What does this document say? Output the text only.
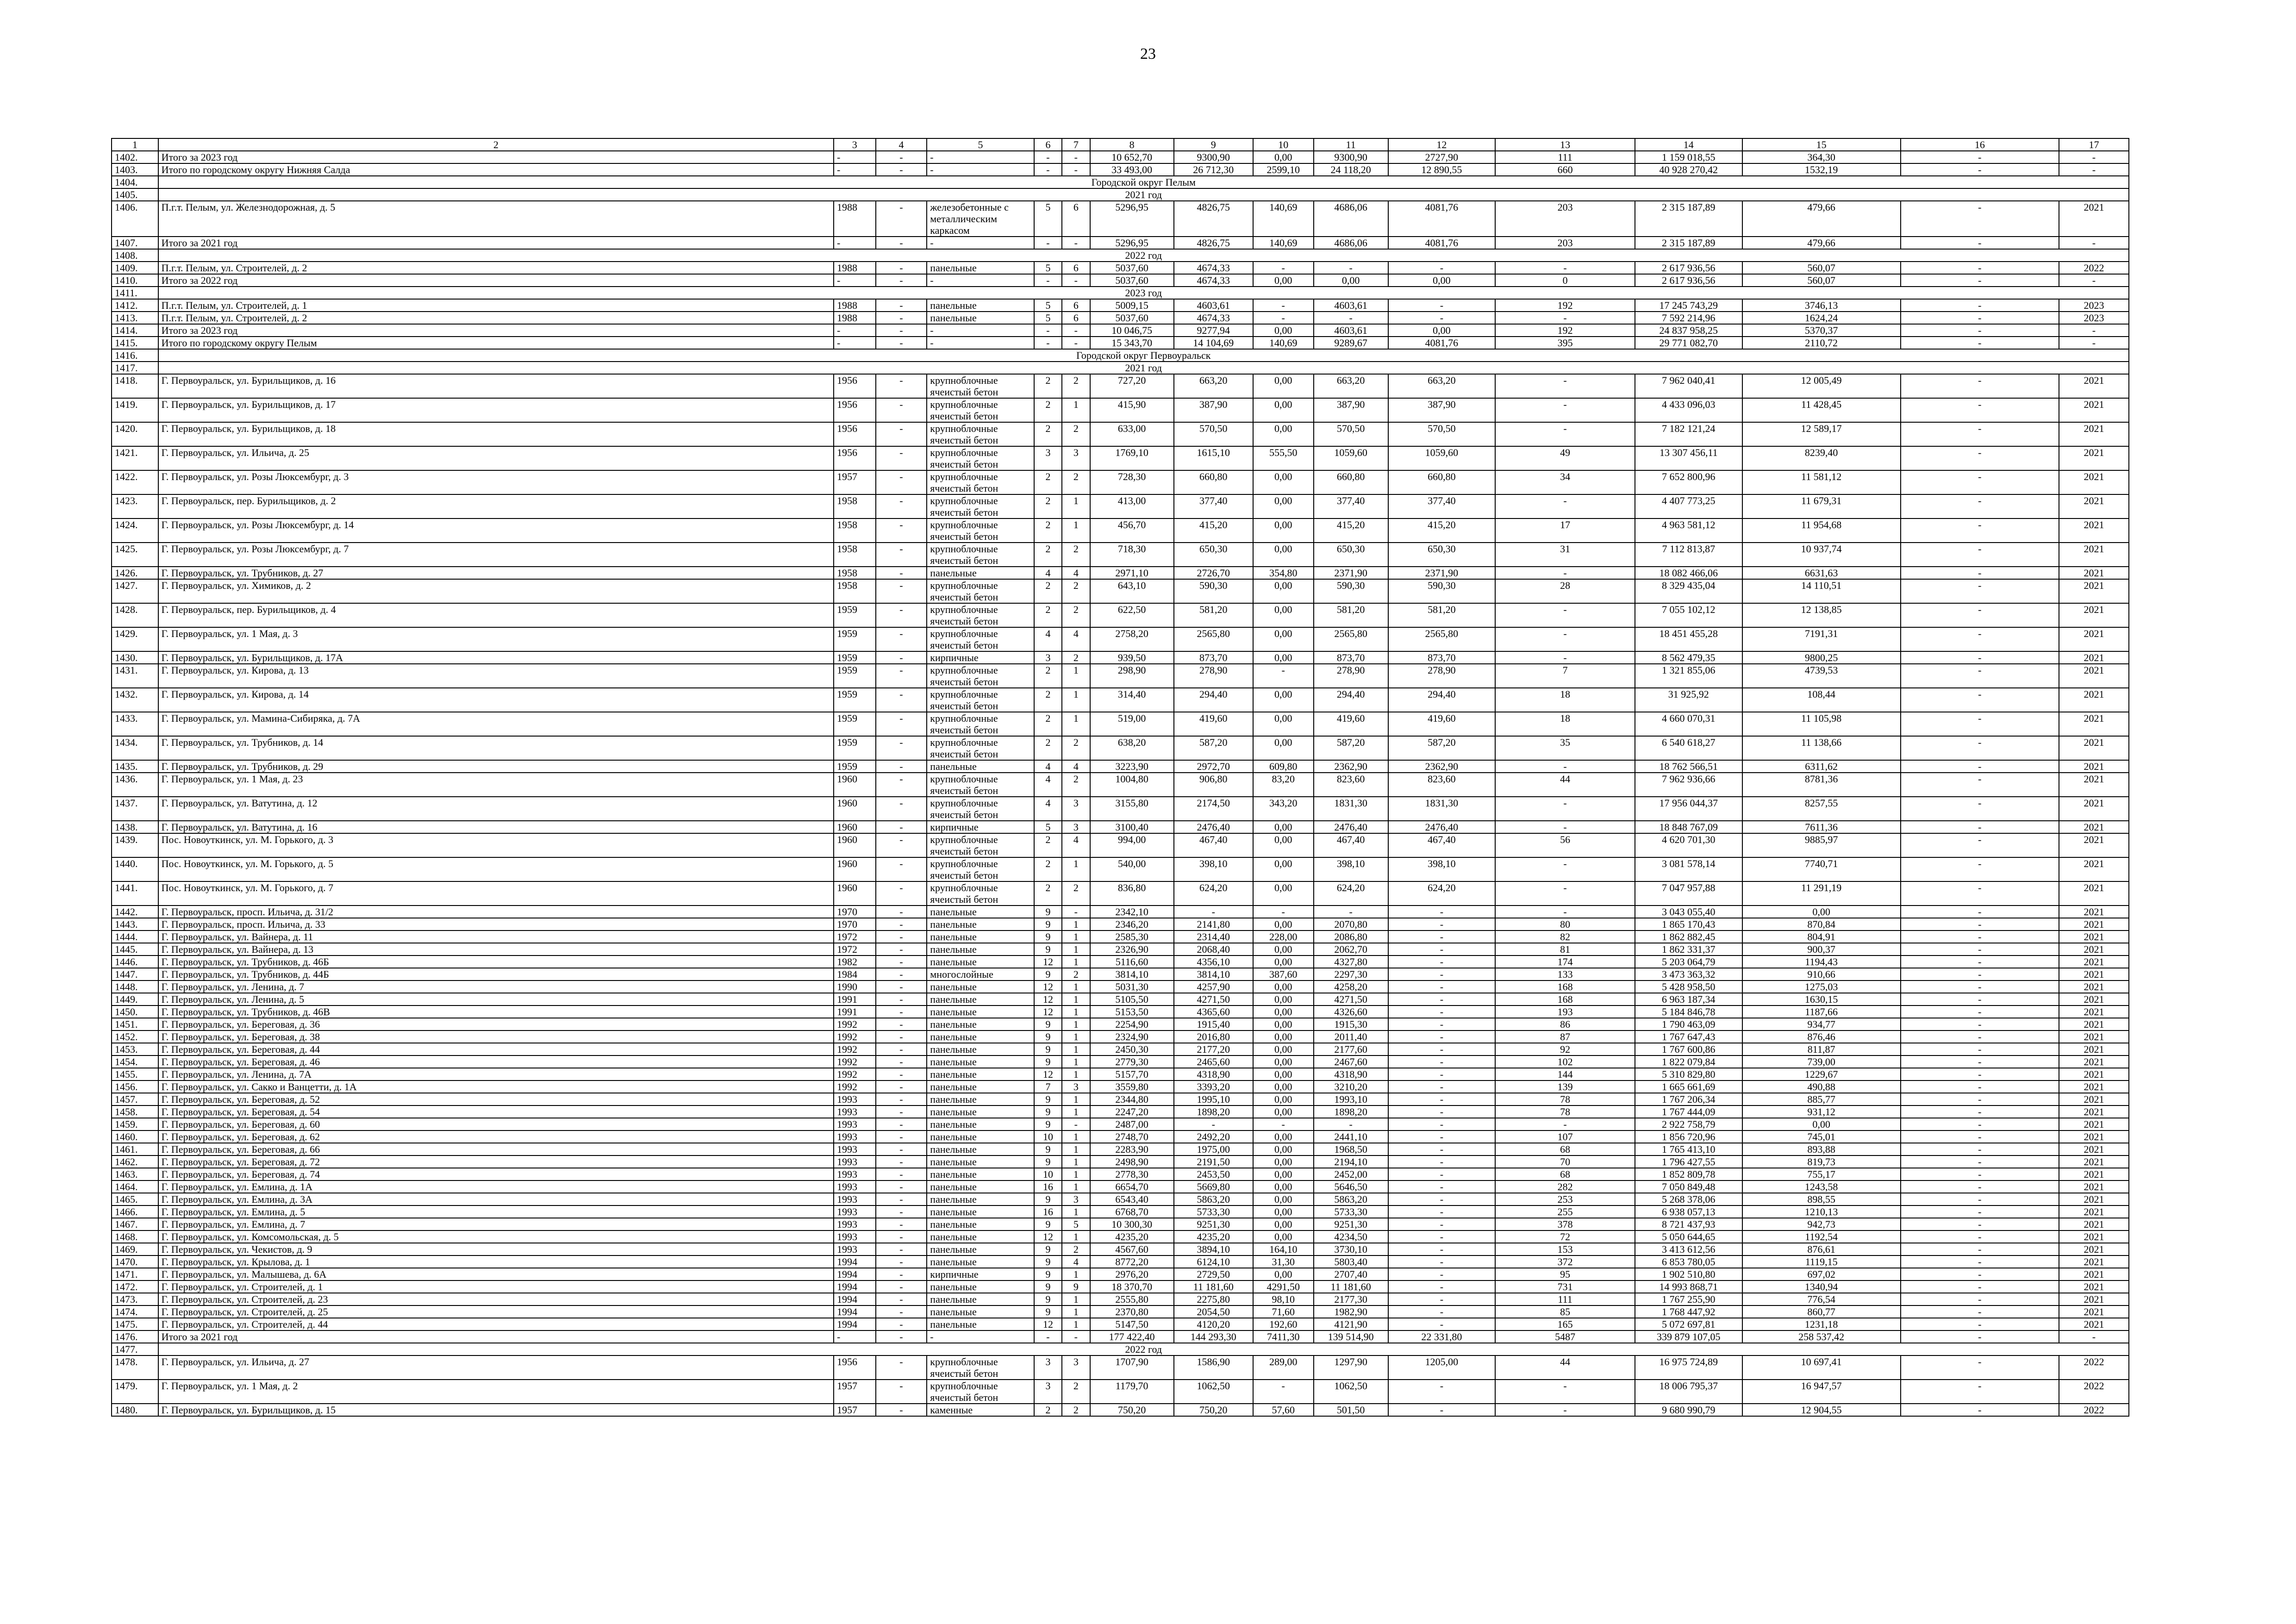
23
1	2	3	4	5	6	7	8	9	10	11	12	13	14	15	16	17
1402.	Итого за 2023 год	-	-	-	-	-	10 652,70	9300,90	0,00	9300,90	2727,90	111	1 159 018,55	364,30	-	-
1403.	Итого по городскому округу Нижняя Салда	-	-	-	-	-	33 493,00	26 712,30	2599,10	24 118,20	12 890,55	660	40 928 270,42	1532,19	-	-
1404.	Городской округ Пелым															
1405.	2021 год															
1406.	П.г.т. Пелым, ул. Железнодорожная, д. 5	1988	-	железобетонные с металлическим каркасом	5	6	5296,95	4826,75	140,69	4686,06	4081,76	203	2 315 187,89	479,66	-	2021
1407.	Итого за 2021 год	-	-	-	-	-	5296,95	4826,75	140,69	4686,06	4081,76	203	2 315 187,89	479,66	-	-
1408.	2022 год															
1409.	П.г.т. Пелым, ул. Строителей, д. 2	1988	-	панельные	5	6	5037,60	4674,33	-	-	-	-	2 617 936,56	560,07	-	2022
1410.	Итого за 2022 год	-	-	-	-	-	5037,60	4674,33	0,00	0,00	0,00	0	2 617 936,56	560,07	-	-
1411.	2023 год															
1412.	П.г.т. Пелым, ул. Строителей, д. 1	1988	-	панельные	5	6	5009,15	4603,61	-	4603,61	-	192	17 245 743,29	3746,13	-	2023
1413.	П.г.т. Пелым, ул. Строителей, д. 2	1988	-	панельные	5	6	5037,60	4674,33	-	-	-	-	7 592 214,96	1624,24	-	2023
1414.	Итого за 2023 год	-	-	-	-	-	10 046,75	9277,94	0,00	4603,61	0,00	192	24 837 958,25	5370,37	-	-
1415.	Итого по городскому округу Пелым	-	-	-	-	-	15 343,70	14 104,69	140,69	9289,67	4081,76	395	29 771 082,70	2110,72	-	-
1416.	Городской округ Первоуральск															
1417.	2021 год															
1418.	Г. Первоуральск, ул. Бурильщиков, д. 16	1956	-	крупноблочные ячеистый бетон	2	2	727,20	663,20	0,00	663,20	663,20	-	7 962 040,41	12 005,49	-	2021
1419.	Г. Первоуральск, ул. Бурильщиков, д. 17	1956	-	крупноблочные ячеистый бетон	2	1	415,90	387,90	0,00	387,90	387,90	-	4 433 096,03	11 428,45	-	2021
1420.	Г. Первоуральск, ул. Бурильщиков, д. 18	1956	-	крупноблочные ячеистый бетон	2	2	633,00	570,50	0,00	570,50	570,50	-	7 182 121,24	12 589,17	-	2021
1421.	Г. Первоуральск, ул. Ильича, д. 25	1956	-	крупноблочные ячеистый бетон	3	3	1769,10	1615,10	555,50	1059,60	1059,60	49	13 307 456,11	8239,40	-	2021
1422.	Г. Первоуральск, ул. Розы Люксембург, д. 3	1957	-	крупноблочные ячеистый бетон	2	2	728,30	660,80	0,00	660,80	660,80	34	7 652 800,96	11 581,12	-	2021
1423.	Г. Первоуральск, пер. Бурильщиков, д. 2	1958	-	крупноблочные ячеистый бетон	2	1	413,00	377,40	0,00	377,40	377,40	-	4 407 773,25	11 679,31	-	2021
1424.	Г. Первоуральск, ул. Розы Люксембург, д. 14	1958	-	крупноблочные ячеистый бетон	2	1	456,70	415,20	0,00	415,20	415,20	17	4 963 581,12	11 954,68	-	2021
1425.	Г. Первоуральск, ул. Розы Люксембург, д. 7	1958	-	крупноблочные ячеистый бетон	2	2	718,30	650,30	0,00	650,30	650,30	31	7 112 813,87	10 937,74	-	2021
1426.	Г. Первоуральск, ул. Трубников, д. 27	1958	-	панельные	4	4	2971,10	2726,70	354,80	2371,90	2371,90	-	18 082 466,06	6631,63	-	2021
1427.	Г. Первоуральск, ул. Химиков, д. 2	1958	-	крупноблочные ячеистый бетон	2	2	643,10	590,30	0,00	590,30	590,30	28	8 329 435,04	14 110,51	-	2021
1428.	Г. Первоуральск, пер. Бурильщиков, д. 4	1959	-	крупноблочные ячеистый бетон	2	2	622,50	581,20	0,00	581,20	581,20	-	7 055 102,12	12 138,85	-	2021
1429.	Г. Первоуральск, ул. 1 Мая, д. 3	1959	-	крупноблочные ячеистый бетон	4	4	2758,20	2565,80	0,00	2565,80	2565,80	-	18 451 455,28	7191,31	-	2021
1430.	Г. Первоуральск, ул. Бурильщиков, д. 17А	1959	-	кирпичные	3	2	939,50	873,70	0,00	873,70	873,70	-	8 562 479,35	9800,25	-	2021
1431.	Г. Первоуральск, ул. Кирова, д. 13	1959	-	крупноблочные ячеистый бетон	2	1	298,90	278,90	-	278,90	278,90	7	1 321 855,06	4739,53	-	2021
1432.	Г. Первоуральск, ул. Кирова, д. 14	1959	-	крупноблочные ячеистый бетон	2	1	314,40	294,40	0,00	294,40	294,40	18	31 925,92	108,44	-	2021
1433.	Г. Первоуральск, ул. Мамина-Сибиряка, д. 7А	1959	-	крупноблочные ячеистый бетон	2	1	519,00	419,60	0,00	419,60	419,60	18	4 660 070,31	11 105,98	-	2021
1434.	Г. Первоуральск, ул. Трубников, д. 14	1959	-	крупноблочные ячеистый бетон	2	2	638,20	587,20	0,00	587,20	587,20	35	6 540 618,27	11 138,66	-	2021
1435.	Г. Первоуральск, ул. Трубников, д. 29	1959	-	панельные	4	4	3223,90	2972,70	609,80	2362,90	2362,90	-	18 762 566,51	6311,62	-	2021
1436.	Г. Первоуральск, ул. 1 Мая, д. 23	1960	-	крупноблочные ячеистый бетон	4	2	1004,80	906,80	83,20	823,60	823,60	44	7 962 936,66	8781,36	-	2021
1437.	Г. Первоуральск, ул. Ватутина, д. 12	1960	-	крупноблочные ячеистый бетон	4	3	3155,80	2174,50	343,20	1831,30	1831,30	-	17 956 044,37	8257,55	-	2021
1438.	Г. Первоуральск, ул. Ватутина, д. 16	1960	-	кирпичные	5	3	3100,40	2476,40	0,00	2476,40	2476,40	-	18 848 767,09	7611,36	-	2021
1439.	Пос. Новоуткинск, ул. М. Горького, д. 3	1960	-	крупноблочные ячеистый бетон	2	4	994,00	467,40	0,00	467,40	467,40	56	4 620 701,30	9885,97	-	2021
1440.	Пос. Новоуткинск, ул. М. Горького, д. 5	1960	-	крупноблочные ячеистый бетон	2	1	540,00	398,10	0,00	398,10	398,10	-	3 081 578,14	7740,71	-	2021
1441.	Пос. Новоуткинск, ул. М. Горького, д. 7	1960	-	крупноблочные ячеистый бетон	2	2	836,80	624,20	0,00	624,20	624,20	-	7 047 957,88	11 291,19	-	2021
1442.	Г. Первоуральск, просп. Ильича, д. 31/2	1970	-	панельные	9	-	2342,10	-	-	-	-	-	3 043 055,40	0,00	-	2021
1443.	Г. Первоуральск, просп. Ильича, д. 33	1970	-	панельные	9	1	2346,20	2141,80	0,00	2070,80	-	80	1 865 170,43	870,84	-	2021
1444.	Г. Первоуральск, ул. Вайнера, д. 11	1972	-	панельные	9	1	2585,30	2314,40	228,00	2086,80	-	82	1 862 882,45	804,91	-	2021
1445.	Г. Первоуральск, ул. Вайнера, д. 13	1972	-	панельные	9	1	2326,90	2068,40	0,00	2062,70	-	81	1 862 331,37	900,37	-	2021
1446.	Г. Первоуральск, ул. Трубников, д. 46Б	1982	-	панельные	12	1	5116,60	4356,10	0,00	4327,80	-	174	5 203 064,79	1194,43	-	2021
1447.	Г. Первоуральск, ул. Трубников, д. 44Б	1984	-	многослойные	9	2	3814,10	3814,10	387,60	2297,30	-	133	3 473 363,32	910,66	-	2021
1448.	Г. Первоуральск, ул. Ленина, д. 7	1990	-	панельные	12	1	5031,30	4257,90	0,00	4258,20	-	168	5 428 958,50	1275,03	-	2021
1449.	Г. Первоуральск, ул. Ленина, д. 5	1991	-	панельные	12	1	5105,50	4271,50	0,00	4271,50	-	168	6 963 187,34	1630,15	-	2021
1450.	Г. Первоуральск, ул. Трубников, д. 46В	1991	-	панельные	12	1	5153,50	4365,60	0,00	4326,60	-	193	5 184 846,78	1187,66	-	2021
1451.	Г. Первоуральск, ул. Береговая, д. 36	1992	-	панельные	9	1	2254,90	1915,40	0,00	1915,30	-	86	1 790 463,09	934,77	-	2021
1452.	Г. Первоуральск, ул. Береговая, д. 38	1992	-	панельные	9	1	2324,90	2016,80	0,00	2011,40	-	87	1 767 647,43	876,46	-	2021
1453.	Г. Первоуральск, ул. Береговая, д. 44	1992	-	панельные	9	1	2450,30	2177,20	0,00	2177,60	-	92	1 767 600,86	811,87	-	2021
1454.	Г. Первоуральск, ул. Береговая, д. 46	1992	-	панельные	9	1	2779,30	2465,60	0,00	2467,60	-	102	1 822 079,84	739,00	-	2021
1455.	Г. Первоуральск, ул. Ленина, д. 7А	1992	-	панельные	12	1	5157,70	4318,90	0,00	4318,90	-	144	5 310 829,80	1229,67	-	2021
1456.	Г. Первоуральск, ул. Сакко и Ванцетти, д. 1А	1992	-	панельные	7	3	3559,80	3393,20	0,00	3210,20	-	139	1 665 661,69	490,88	-	2021
1457.	Г. Первоуральск, ул. Береговая, д. 52	1993	-	панельные	9	1	2344,80	1995,10	0,00	1993,10	-	78	1 767 206,34	885,77	-	2021
1458.	Г. Первоуральск, ул. Береговая, д. 54	1993	-	панельные	9	1	2247,20	1898,20	0,00	1898,20	-	78	1 767 444,09	931,12	-	2021
1459.	Г. Первоуральск, ул. Береговая, д. 60	1993	-	панельные	9	-	2487,00	-	-	-	-	-	2 922 758,79	0,00	-	2021
1460.	Г. Первоуральск, ул. Береговая, д. 62	1993	-	панельные	10	1	2748,70	2492,20	0,00	2441,10	-	107	1 856 720,96	745,01	-	2021
1461.	Г. Первоуральск, ул. Береговая, д. 66	1993	-	панельные	9	1	2283,90	1975,00	0,00	1968,50	-	68	1 765 413,10	893,88	-	2021
1462.	Г. Первоуральск, ул. Береговая, д. 72	1993	-	панельные	9	1	2498,90	2191,50	0,00	2194,10	-	70	1 796 427,55	819,73	-	2021
1463.	Г. Первоуральск, ул. Береговая, д. 74	1993	-	панельные	10	1	2778,30	2453,50	0,00	2452,00	-	68	1 852 809,78	755,17	-	2021
1464.	Г. Первоуральск, ул. Емлина, д. 1А	1993	-	панельные	16	1	6654,70	5669,80	0,00	5646,50	-	282	7 050 849,48	1243,58	-	2021
1465.	Г. Первоуральск, ул. Емлина, д. 3А	1993	-	панельные	9	3	6543,40	5863,20	0,00	5863,20	-	253	5 268 378,06	898,55	-	2021
1466.	Г. Первоуральск, ул. Емлина, д. 5	1993	-	панельные	16	1	6768,70	5733,30	0,00	5733,30	-	255	6 938 057,13	1210,13	-	2021
1467.	Г. Первоуральск, ул. Емлина, д. 7	1993	-	панельные	9	5	10 300,30	9251,30	0,00	9251,30	-	378	8 721 437,93	942,73	-	2021
1468.	Г. Первоуральск, ул. Комсомольская, д. 5	1993	-	панельные	12	1	4235,20	4235,20	0,00	4234,50	-	72	5 050 644,65	1192,54	-	2021
1469.	Г. Первоуральск, ул. Чекистов, д. 9	1993	-	панельные	9	2	4567,60	3894,10	164,10	3730,10	-	153	3 413 612,56	876,61	-	2021
1470.	Г. Первоуральск, ул. Крылова, д. 1	1994	-	панельные	9	4	8772,20	6124,10	31,30	5803,40	-	372	6 853 780,05	1119,15	-	2021
1471.	Г. Первоуральск, ул. Малышева, д. 6А	1994	-	кирпичные	9	1	2976,20	2729,50	0,00	2707,40	-	95	1 902 510,80	697,02	-	2021
1472.	Г. Первоуральск, ул. Строителей, д. 1	1994	-	панельные	9	9	18 370,70	11 181,60	4291,50	11 181,60	-	731	14 993 868,71	1340,94	-	2021
1473.	Г. Первоуральск, ул. Строителей, д. 23	1994	-	панельные	9	1	2555,80	2275,80	98,10	2177,30	-	111	1 767 255,90	776,54	-	2021
1474.	Г. Первоуральск, ул. Строителей, д. 25	1994	-	панельные	9	1	2370,80	2054,50	71,60	1982,90	-	85	1 768 447,92	860,77	-	2021
1475.	Г. Первоуральск, ул. Строителей, д. 44	1994	-	панельные	12	1	5147,50	4120,20	192,60	4121,90	-	165	5 072 697,81	1231,18	-	2021
1476.	Итого за 2021 год	-	-	-	-	-	177 422,40	144 293,30	7411,30	139 514,90	22 331,80	5487	339 879 107,05	258 537,42	-	-
1477.	2022 год															
1478.	Г. Первоуральск, ул. Ильича, д. 27	1956	-	крупноблочные ячеистый бетон	3	3	1707,90	1586,90	289,00	1297,90	1205,00	44	16 975 724,89	10 697,41	-	2022
1479.	Г. Первоуральск, ул. 1 Мая, д. 2	1957	-	крупноблочные ячеистый бетон	3	2	1179,70	1062,50	-	1062,50	-	-	18 006 795,37	16 947,57	-	2022
1480.	Г. Первоуральск, ул. Бурильщиков, д. 15	1957	-	каменные	2	2	750,20	750,20	57,60	501,50	-	-	9 680 990,79	12 904,55	-	2022
